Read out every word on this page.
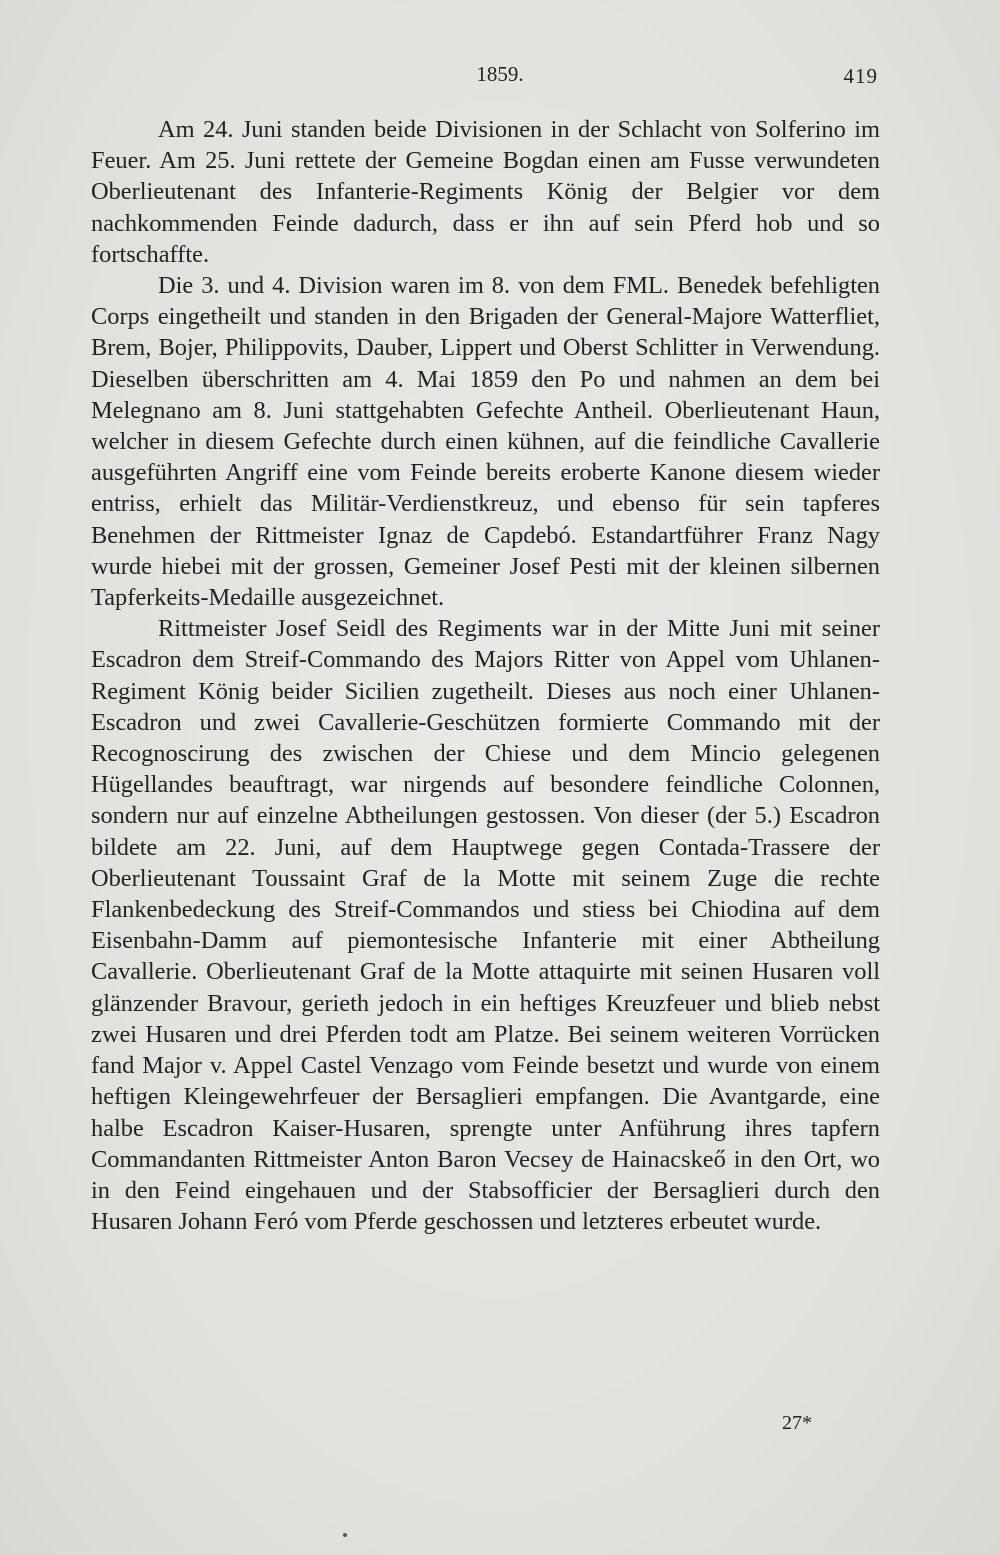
1859.	419

Am 24. Juni standen beide Divisionen in der Schlacht von Solferino im Feuer. Am 25. Juni rettete der Gemeine Bogdan einen am Fusse verwundeten Oberlieutenant des Infanterie-Regiments König der Belgier vor dem nachkommenden Feinde dadurch, dass er ihn auf sein Pferd hob und so fortschaffte.

Die 3. und 4. Division waren im 8. von dem FML. Benedek befehligten Corps eingetheilt und standen in den Brigaden der General-Majore Watterfliet, Brem, Bojer, Philippovits, Dauber, Lippert und Oberst Schlitter in Verwendung. Dieselben überschritten am 4. Mai 1859 den Po und nahmen an dem bei Melegnano am 8. Juni stattgehabten Gefechte Antheil. Oberlieutenant Haun, welcher in diesem Gefechte durch einen kühnen, auf die feindliche Cavallerie ausgeführten Angriff eine vom Feinde bereits eroberte Kanone diesem wieder entriss, erhielt das Militär-Verdienstkreuz, und ebenso für sein tapferes Benehmen der Rittmeister Ignaz de Capdebó. Estandartführer Franz Nagy wurde hiebei mit der grossen, Gemeiner Josef Pesti mit der kleinen silbernen Tapferkeits-Medaille ausgezeichnet.

Rittmeister Josef Seidl des Regiments war in der Mitte Juni mit seiner Escadron dem Streif-Commando des Majors Ritter von Appel vom Uhlanen-Regiment König beider Sicilien zugetheilt. Dieses aus noch einer Uhlanen-Escadron und zwei Cavallerie-Geschützen formierte Commando mit der Recognoscirung des zwischen der Chiese und dem Mincio gelegenen Hügellandes beauftragt, war nirgends auf besondere feindliche Colonnen, sondern nur auf einzelne Abtheilungen gestossen. Von dieser (der 5.) Escadron bildete am 22. Juni, auf dem Hauptwege gegen Contada-Trassere der Oberlieutenant Toussaint Graf de la Motte mit seinem Zuge die rechte Flankenbedeckung des Streif-Commandos und stiess bei Chiodina auf dem Eisenbahn-Damm auf piemontesische Infanterie mit einer Abtheilung Cavallerie. Oberlieutenant Graf de la Motte attaquirte mit seinen Husaren voll glänzender Bravour, gerieth jedoch in ein heftiges Kreuzfeuer und blieb nebst zwei Husaren und drei Pferden todt am Platze. Bei seinem weiteren Vorrücken fand Major v. Appel Castel Venzago vom Feinde besetzt und wurde von einem heftigen Kleingewehrfeuer der Bersaglieri empfangen. Die Avantgarde, eine halbe Escadron Kaiser-Husaren, sprengte unter Anführung ihres tapfern Commandanten Rittmeister Anton Baron Vecsey de Hainacskeő in den Ort, wo in den Feind eingehauen und der Stabsofficier der Bersaglieri durch den Husaren Johann Feró vom Pferde geschossen und letzteres erbeutet wurde.

27*
